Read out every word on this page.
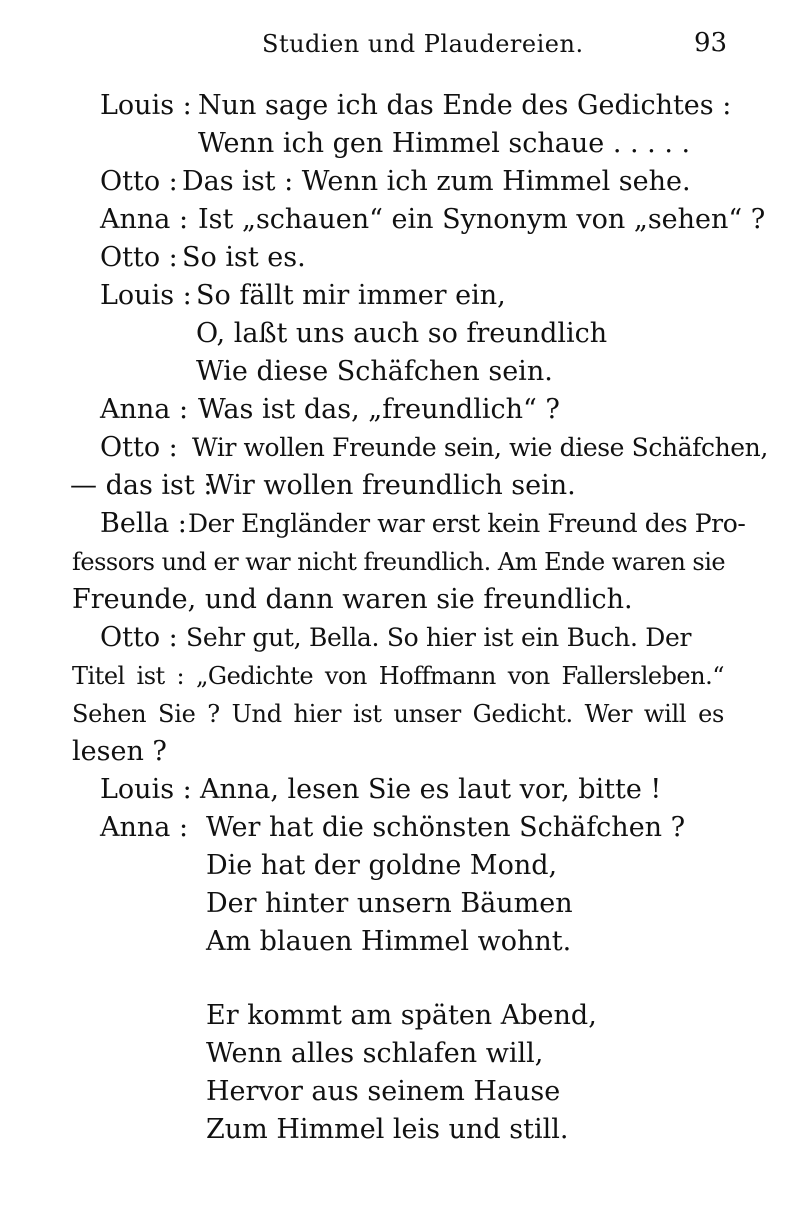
Studien und Plaudereien.	93
Louis : Nun sage ich das Ende des Gedichtes :
Wenn ich gen Himmel schaue . . . . .
Otto : Das ist : Wenn ich zum Himmel sehe.
Anna : Ist „schauen“ ein Synonym von „sehen“ ?
Otto : So ist es.
Louis : So fällt mir immer ein,
O, laßt uns auch so freundlich
Wie diese Schäfchen sein.
Anna : Was ist das, „freundlich“ ?
Otto : Wir wollen Freunde sein, wie diese Schäfchen,
— das ist :
Wir wollen freundlich sein.
Bella : Der Engländer war erst kein Freund des Pro-
fessors und er war nicht freundlich. Am Ende waren sie
Freunde, und dann waren sie freundlich.
Otto : Sehr gut, Bella. So hier ist ein Buch. Der
Titel ist : „Gedichte von Hoffmann von Fallersleben.“
Sehen Sie ? Und hier ist unser Gedicht. Wer will es
lesen ?
Louis : Anna, lesen Sie es laut vor, bitte !
Anna : Wer hat die schönsten Schäfchen ?
Die hat der goldne Mond,
Der hinter unsern Bäumen
Am blauen Himmel wohnt.
Er kommt am späten Abend,
Wenn alles schlafen will,
Hervor aus seinem Hause
Zum Himmel leis und still.
